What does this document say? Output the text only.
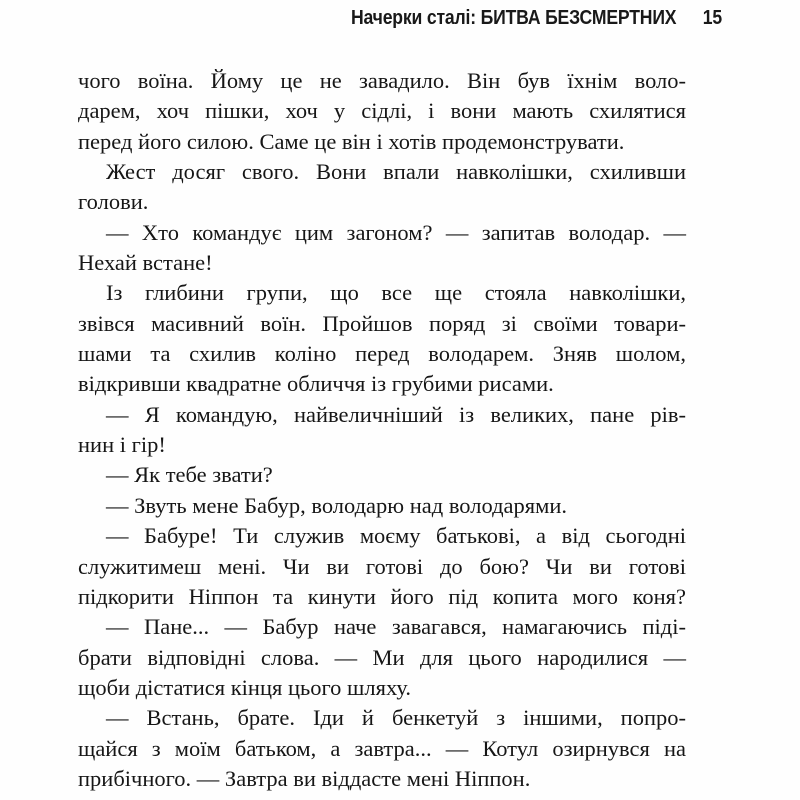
Начерки сталі: БИТВА БЕЗСМЕРТНИХ 15
чого воїна. Йому це не завадило. Він був їхнім воло-
дарем, хоч пішки, хоч у сідлі, і вони мають схилятися
перед його силою. Саме це він і хотів продемонструвати.
Жест досяг свого. Вони впали навколішки, схиливши
голови.
— Хто командує цим загоном? — запитав володар. —
Нехай встане!
Із глибини групи, що все ще стояла навколішки,
звівся масивний воїн. Пройшов поряд зі своїми товари-
шами та схилив коліно перед володарем. Зняв шолом,
відкривши квадратне обличчя із грубими рисами.
— Я командую, найвеличніший із великих, пане рів-
нин і гір!
— Як тебе звати?
— Звуть мене Бабур, володарю над володарями.
— Бабуре! Ти служив моєму батькові, а від сьогодні
служитимеш мені. Чи ви готові до бою? Чи ви готові
підкорити Ніппон та кинути його під копита мого коня?
— Пане... — Бабур наче завагався, намагаючись піді-
брати відповідні слова. — Ми для цього народилися —
щоби дістатися кінця цього шляху.
— Встань, брате. Іди й бенкетуй з іншими, попро-
щайся з моїм батьком, а завтра... — Котул озирнувся на
прибічного. — Завтра ви віддасте мені Ніппон.
